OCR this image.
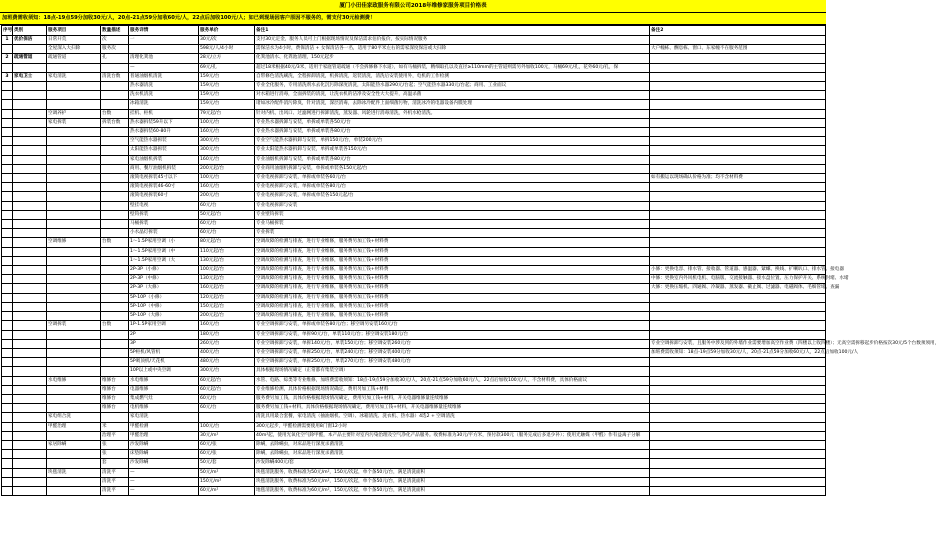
厦门小田佳家政服务有限公司2018年维修家服务项目价格表
加班费需收须知：18点-19点59分加收30元/人，20点-21点59分加收60元/人，22点后加收100元/人；如已到现场因客户原因不服务的，需支付30元检测费！
序号	类别	服务项目	数量描述	服务详情	服务单价	备注1	备注2
1	优价保洁	日常开荒	次	一	30元/次	支付30元定金，服务人员可上门根据现场情况及保洁需求估价报价，按实际情况服务	
		全屋深入大扫除	服务次		598元/人/4小时	需保洁水为4小时，费保清洁 + 女保清洁各一名，适用于80平米左右的需家深度保洁或大扫除	大户幢栋、酬息栋、窗口、东家幢不在服务范围
2	疏通管道	疏通管道	孔	清理化粪池	28元/立方	化粪池清水、化粪池清理，150元起步	
				—	69元/孔	超过18米根据40元/3米，适用于家庭管道疏通（不会拆修修下水道），如有马桶拆装，精细取孔以及直径≥110mm的主管道则需另外加收100元，马桶69元/孔，花外60元/孔，保	
3	家电卫士	家电清洗	清洗台数	普通油烟机清洗	159元/台	自带修色清洗刷洗，全程拆卸清洗，机拆清洗，返装清洗，清洗后安装使用外，电机的工作检测	
				热水器清洗	159元/台	专业全化服务，专用清洗剂水去化沉污除深度清洗，太阳能热水器290元/台起；空气能热水器330元/台起；商用、工业面议	
				洗衣机清洗	159元/台	对水箱进行消毒，全面拆装的清洗，让洗衣机的洁净及安全性大大提升，高温杀菌	
				冰箱清洗	159元/台	诸如冰冷配件消污除臭，针对清洗，深层消毒，去除冰冷配件上面细菌污物，清洗冰冷的电器设备内膜处理	
		空调养护	台数	挂机、柜机	79元起/台	针对内机、出风口、过滤网进行拆卸清洗，蒸发器、风轮进行消毒清洗，外机水枪清洗。	
		家电拆装	拆装台数	热水器拆装59升以下	100元/台	专业热水器拆卸与安装，单拆或单装各50元/台	
				热水器拆装60-80升	160元/台	专业热水器拆卸与安装，单拆或单装各80元/台	
				空气能热水器拆装	300元/台	专业空气能热水器拆卸与安装，单拆150元/台，单装200元/台	
				太阳能热水器拆装	300元/台	专业太阳能热水器拆卸与安装，单拆或单装各150元/台	
				家电油烟机拆装	160元/台	专业油烟机拆卸与安装，单拆或单装各80元/台	
				商用、餐厅油烟机拆装	200元起/台	专业商用油烟机拆卸与安装，单拆或单装各150元起/台	
				滚筒电视拆装45寸以下	100元/台	专业电视拆卸与安装，单拆或单装各60元/台	如有搬运以现场确认价格为准；均不含材料费
				滚筒电视拆装46-60寸	160元/台	专业电视拆卸与安装，单拆或单装各80元/台	
				滚筒电视拆装60寸	200元/台	专业电视拆卸与安装，单拆或单装各150元起/台	
				壁挂电视	60元/台	专业电视拆卸与安装	
				壁钩拆装	50元起/台	专业壁钩拆装	
				马桶拆装	60元/台	专业马桶拆装	
				小水晶灯拆装	60元/台	专业拆装	
		空调维修	台数	1～1.5P家用空调（小	80元起/台	空调故障的检测与排查，进行专业维修，服务费另加工钱+材料费	
				1～1.5P家用空调（中	110元起/台	空调故障的检测与排查，进行专业维修，服务费另加工钱+材料费	
				1～1.5P家用空调（大	130元起/台	空调故障的检测与排查，进行专业维修，服务费另加工钱+材料费	
				2P-3P（小修）	100元起/台	空调故障的检测与排查，进行专业维修，服务费另加工钱+材料费	小修：更换电容、排水管、接收器、管道器、感温器、紧螺、换线、扩喇叭口、排水管、接电器
				2P-3P（中修）	130元起/台	空调故障的检测与排查，进行专业维修，服务费另加工钱+材料费	中修：更换室内外风机电机、电脑版、交流接触器、接水盘位置、压力保护开关、系统封堵、水堵
				2P-3P（大修）	160元起/台	空调故障的检测与排查，进行专业维修，服务费另加工钱+材料费	大修：更换压缩机、四通阀、冷凝器、蒸发器、截止阀、过滤器、电磁阀体、毛细管堵、查漏
				5P-10P（小修）	120元起/台	空调故障的检测与排查，进行专业维修，服务费另加工钱+材料费	
				5P-10P（中修）	150元起/台	空调故障的检测与排查，进行专业维修，服务费另加工钱+材料费	
				5P-10P（大修）	200元起/台	空调故障的检测与排查，进行专业维修，服务费另加工钱+材料费	
		空调拆装	台数	1P-1.5P家用空调	160元/台	专业空调拆卸与安装，单拆或单装各80元/台；移空调另安装160元/台	
				2P	180元/台	专业空调拆卸与安装，单拆90元/台，单装110元/台；移空调安装180元/台	
				3P	260元/台	专业空调拆卸与安装，单拆140元/台，单装150元/台；移空调安装260元/台	专业空调拆卸与安装，且服务中涉及到的外墙作业需要增加高空作业费（四楼以上收四楼）；无高空需拆移起步价格按次30元/5个台数须须用，
				5P柜机/风管机	400元/台	专业空调拆卸与安装，单拆250元/台，单装240元/台；移空调安装400元/台	加班费需收须知：18点-19点59分加收30元/人，20点-21点59分加收60元/人，22点后加收100元/人
				5P吸顶机/天花机	480元/台	专业空调拆卸与安装，单拆250元/台，单装270元/台；移空调安装480元/台	
				10P以上或中央空调	300元/台	具体根据现场情况确定（正常都有集装空调）	
		水电维修	维修台	水电维修	60元起/台	水管、电路、綜类等专业维修，加班费需收须知：18点-19点59分加收30元/人，20点-21点59分加收60元/人，22点后加收100元/人，不含材料费，具体价格面议	
			维修台	电器维修	60元起/台	专业维修检测，具体价格根据现场情况确定，费用另加工钱+材料	
			维修台	集成燃气灶	60元/台	服务费另加工钱，具体价格根据现场情况确定，费用另加工钱+材料，开关电器维修量连续维修	
			维修台	电机维修	60元/台	服务费另加工钱+材料，具体价格根据现场情况确定，费用另加工钱+材料，开关电器维修量连续维修	
		家电组合洗		家电清洗		清洗具用最合套餐，家电清洗（抽油烟机、空调）、冰箱清洗、洗衣机、热水器）4选2 + 空调清洗	
		甲醛治理	米	甲醛检测	100元/台	300元起步，甲醛检测需要使用8门窗12小时	
			治理平	甲醛治理	30元/m²	40m²起，使用光氧化空气除甲醛，本产品主要针对室内污染治理及空气净化产品服务。收费标准为30元/平方米，预付款300元（服务完成后多退少补）；使用光触媒（甲醛）作有益离子分解	
		家居除螨	张	沙发除螨	60元/张	除螨，去除螨虫，对床品进行深度杀菌清洗	
			张	床垫除螨	60元/张	除螨，去除螨虫，对床品进行深度杀菌清洗	
			套	沙发除螨	50元/套	沙发除螨400元/套	
		块毯清洗	清洗平	—	50元/m²	块毯清洗服务，收费标准为50元/m²，150元/次起，单个条50元/台，满足清洗面积	
			清洗平	—	150元/m²	块毯清洗服务，收费标准为50元/m²，150元/次起，单个条50元/台，满足清洗面积	
			清洗平	—	60元/m²	地毯清洗服务，收费标准为60元/m²，150元/次起，单个条50元/台，满足清洗面积	
